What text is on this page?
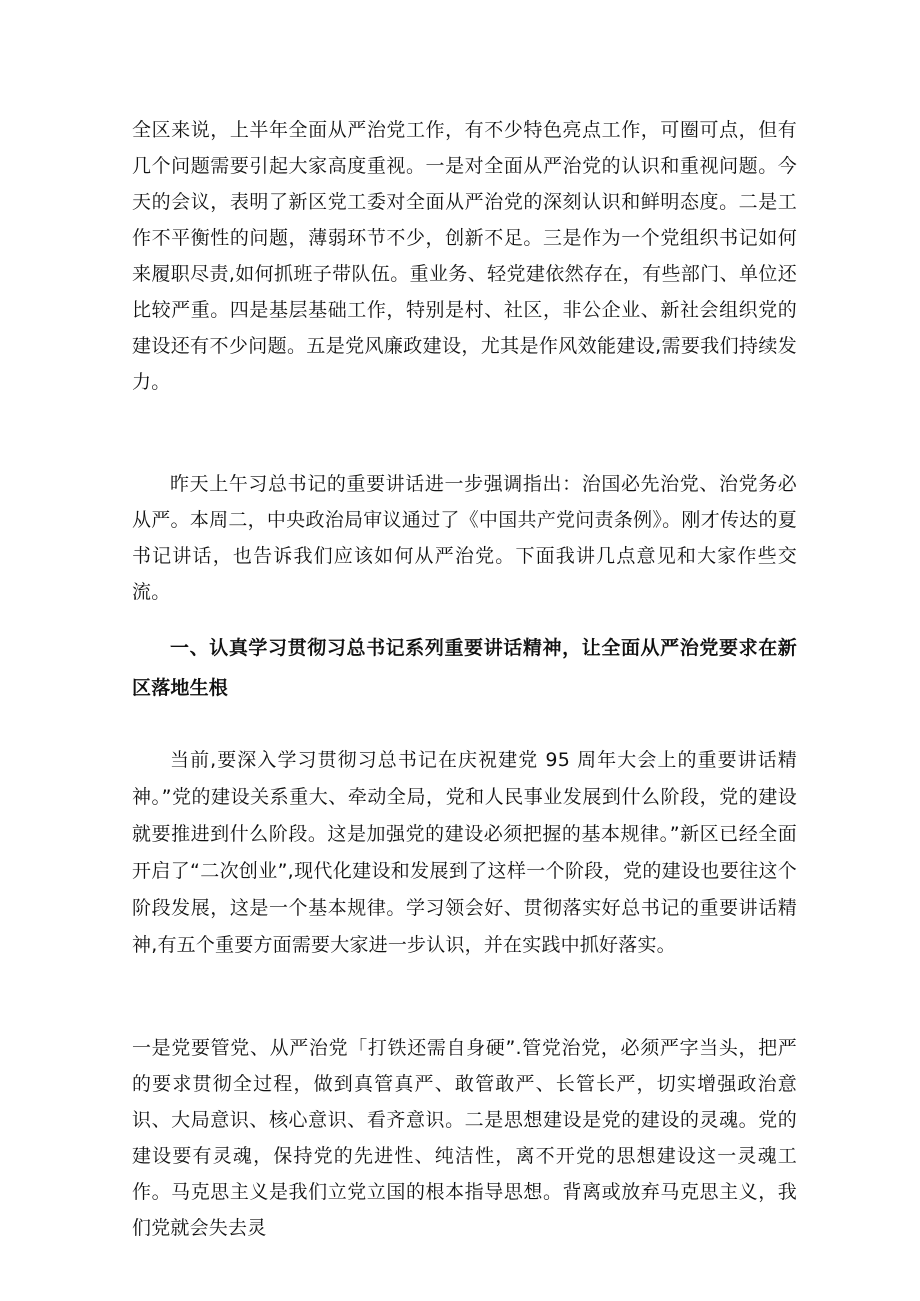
全区来说，上半年全面从严治党工作，有不少特色亮点工作，可圈可点，但有几个问题需要引起大家高度重视。一是对全面从严治党的认识和重视问题。今天的会议，表明了新区党工委对全面从严治党的深刻认识和鲜明态度。二是工作不平衡性的问题，薄弱环节不少，创新不足。三是作为一个党组织书记如何来履职尽责,如何抓班子带队伍。重业务、轻党建依然存在，有些部门、单位还比较严重。四是基层基础工作，特别是村、社区，非公企业、新社会组织党的建设还有不少问题。五是党风廉政建设，尤其是作风效能建设,需要我们持续发力。

昨天上午习总书记的重要讲话进一步强调指出：治国必先治党、治党务必从严。本周二，中央政治局审议通过了《中国共产党问责条例》。刚才传达的夏书记讲话，也告诉我们应该如何从严治党。下面我讲几点意见和大家作些交流。

一、认真学习贯彻习总书记系列重要讲话精神，让全面从严治党要求在新区落地生根

当前,要深入学习贯彻习总书记在庆祝建党 95 周年大会上的重要讲话精神。”党的建设关系重大、牵动全局，党和人民事业发展到什么阶段，党的建设就要推进到什么阶段。这是加强党的建设必须把握的基本规律。”新区已经全面开启了“二次创业”,现代化建设和发展到了这样一个阶段，党的建设也要往这个阶段发展，这是一个基本规律。学习领会好、贯彻落实好总书记的重要讲话精神,有五个重要方面需要大家进一步认识，并在实践中抓好落实。

一是党要管党、从严治党「打铁还需自身硬”.管党治党，必须严字当头，把严的要求贯彻全过程，做到真管真严、敢管敢严、长管长严，切实增强政治意识、大局意识、核心意识、看齐意识。二是思想建设是党的建设的灵魂。党的建设要有灵魂，保持党的先进性、纯洁性，离不开党的思想建设这一灵魂工作。马克思主义是我们立党立国的根本指导思想。背离或放弃马克思主义，我们党就会失去灵
